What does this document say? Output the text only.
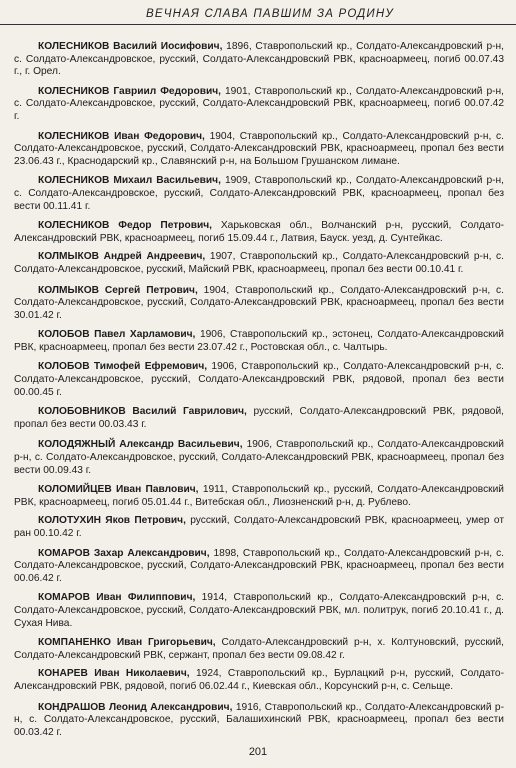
ВЕЧНАЯ СЛАВА ПАВШИМ ЗА РОДИНУ

КОЛЕСНИКОВ Василий Иосифович, 1896, Ставропольский кр., Солдато-Александровский р-н, с. Солдато-Александровское, русский, Солдато-Александровский РВК, красноармеец, погиб 00.07.43 г., г. Орел.

КОЛЕСНИКОВ Гавриил Федорович, 1901, Ставропольский кр., Солдато-Александровский р-н, с. Солдато-Александровское, русский, Солдато-Александровский РВК, красноармеец, погиб 00.07.42 г.

КОЛЕСНИКОВ Иван Федорович, 1904, Ставропольский кр., Солдато-Александровский р-н, с. Солдато-Александровское, русский, Солдато-Александровский РВК, красноармеец, пропал без вести 23.06.43 г., Краснодарский кр., Славянский р-н, на Большом Грушанском лимане.

КОЛЕСНИКОВ Михаил Васильевич, 1909, Ставропольский кр., Солдато-Александровский р-н, с. Солдато-Александровское, русский, Солдато-Александровский РВК, красноармеец, пропал без вести 00.11.41 г.

КОЛЕСНИКОВ Федор Петрович, Харьковская обл., Волчанский р-н, русский, Солдато-Александровский РВК, красноармеец, погиб 15.09.44 г., Латвия, Бауск. уезд, д. Сунтейкас.

КОЛМЫКОВ Андрей Андреевич, 1907, Ставропольский кр., Солдато-Александровский р-н, с. Солдато-Александровское, русский, Майский РВК, красноармеец, пропал без вести 00.10.41 г.

КОЛМЫКОВ Сергей Петрович, 1904, Ставропольский кр., Солдато-Александровский р-н, с. Солдато-Александровское, русский, Солдато-Александровский РВК, красноармеец, пропал без вести 30.01.42 г.

КОЛОБОВ Павел Харламович, 1906, Ставропольский кр., эстонец, Солдато-Александровский РВК, красноармеец, пропал без вести 23.07.42 г., Ростовская обл., с. Чалтырь.

КОЛОБОВ Тимофей Ефремович, 1906, Ставропольский кр., Солдато-Александровский р-н, с. Солдато-Александровское, русский, Солдато-Александровский РВК, рядовой, пропал без вести 00.00.45 г.

КОЛОБОВНИКОВ Василий Гаврилович, русский, Солдато-Александровский РВК, рядовой, пропал без вести 00.03.43 г.

КОЛОДЯЖНЫЙ Александр Васильевич, 1906, Ставропольский кр., Солдато-Александровский р-н, с. Солдато-Александровское, русский, Солдато-Александровский РВК, красноармеец, пропал без вести 00.09.43 г.

КОЛОМИЙЦЕВ Иван Павлович, 1911, Ставропольский кр., русский, Солдато-Александровский РВК, красноармеец, погиб 05.01.44 г., Витебская обл., Лиозненский р-н, д. Рублево.

КОЛОТУХИН Яков Петрович, русский, Солдато-Александровский РВК, красноармеец, умер от ран 00.10.42 г.

КОМАРОВ Захар Александрович, 1898, Ставропольский кр., Солдато-Александровский р-н, с. Солдато-Александровское, русский, Солдато-Александровский РВК, красноармеец, пропал без вести 00.06.42 г.

КОМАРОВ Иван Филиппович, 1914, Ставропольский кр., Солдато-Александровский р-н, с. Солдато-Александровское, русский, Солдато-Александровский РВК, мл. политрук, погиб 20.10.41 г., д. Сухая Нива.

КОМПАНЕНКО Иван Григорьевич, Солдато-Александровский р-н, х. Колтуновский, русский, Солдато-Александровский РВК, сержант, пропал без вести 09.08.42 г.

КОНАРЕВ Иван Николаевич, 1924, Ставропольский кр., Бурлацкий р-н, русский, Солдато-Александровский РВК, рядовой, погиб 06.02.44 г., Киевская обл., Корсунский р-н, с. Сельще.

КОНДРАШОВ Леонид Александрович, 1916, Ставропольский кр., Солдато-Александровский р-н, с. Солдато-Александровское, русский, Балашихинский РВК, красноармеец, пропал без вести 00.03.42 г.

201
